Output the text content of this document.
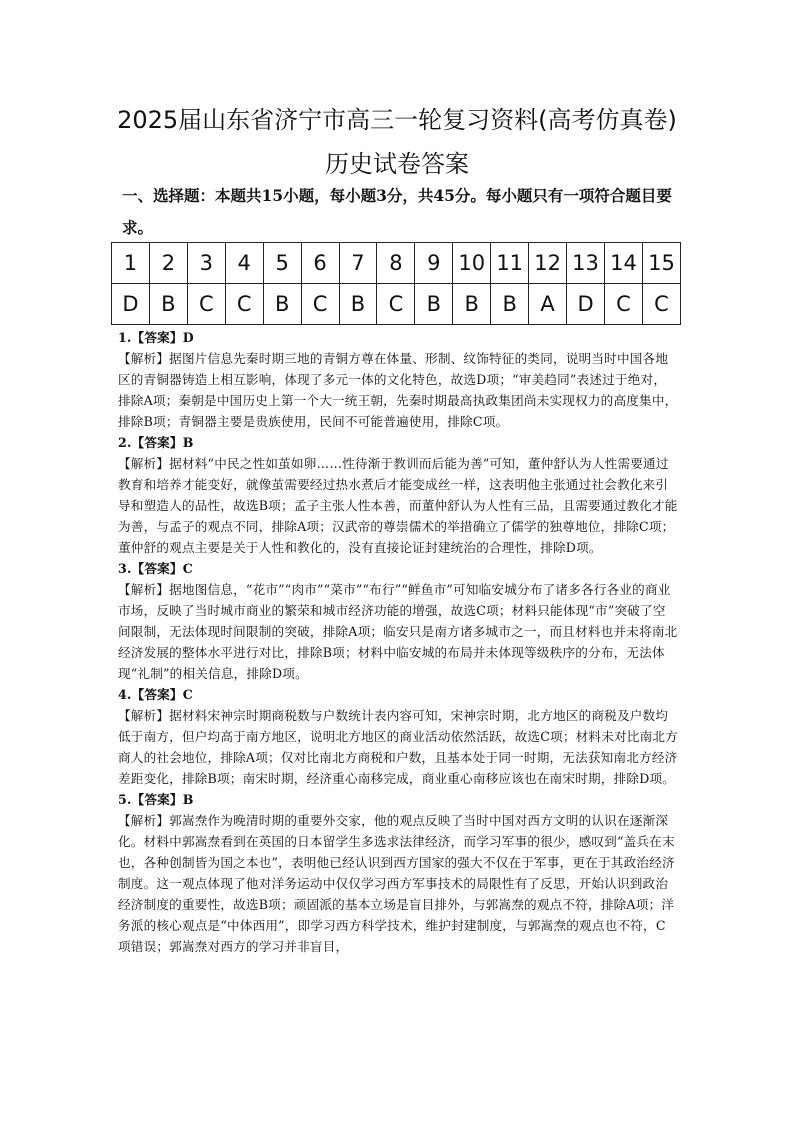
2025届山东省济宁市高三一轮复习资料(高考仿真卷)
历史试卷答案
一、选择题：本题共15小题，每小题3分，共45分。每小题只有一项符合题目要求。
1	2	3	4	5	6	7	8	9	10	11	12	13	14	15
D	B	C	C	B	C	B	C	B	B	B	A	D	C	C

1.【答案】D

【解析】据图片信息先秦时期三地的青铜方尊在体量、形制、纹饰特征的类同，说明当时中国各地区的青铜器铸造上相互影响，体现了多元一体的文化特色，故选D项；“审美趋同”表述过于绝对，排除A项；秦朝是中国历史上第一个大一统王朝，先秦时期最高执政集团尚未实现权力的高度集中，排除B项；青铜器主要是贵族使用，民间不可能普遍使用，排除C项。

2.【答案】B

【解析】据材料“中民之性如茧如卵……性待渐于教训而后能为善”可知，董仲舒认为人性需要通过教育和培养才能变好，就像茧需要经过热水煮后才能变成丝一样，这表明他主张通过社会教化来引导和塑造人的品性，故选B项；孟子主张人性本善，而董仲舒认为人性有三品，且需要通过教化才能为善，与孟子的观点不同，排除A项；汉武帝的尊崇儒术的举措确立了儒学的独尊地位，排除C项；董仲舒的观点主要是关于人性和教化的，没有直接论证封建统治的合理性，排除D项。

3.【答案】C

【解析】据地图信息，“花市”“肉市”“菜市”“布行”“鲜鱼市”可知临安城分布了诸多各行各业的商业市场，反映了当时城市商业的繁荣和城市经济功能的增强，故选C项；材料只能体现“市”突破了空间限制，无法体现时间限制的突破，排除A项；临安只是南方诸多城市之一，而且材料也并未将南北经济发展的整体水平进行对比，排除B项；材料中临安城的布局并未体现等级秩序的分布，无法体现“礼制”的相关信息，排除D项。

4.【答案】C

【解析】据材料宋神宗时期商税数与户数统计表内容可知，宋神宗时期，北方地区的商税及户数均低于南方，但户均高于南方地区，说明北方地区的商业活动依然活跃，故选C项；材料未对比南北方商人的社会地位，排除A项；仅对比南北方商税和户数，且基本处于同一时期，无法获知南北方经济差距变化，排除B项；南宋时期，经济重心南移完成，商业重心南移应该也在南宋时期，排除D项。

5.【答案】B

【解析】郭嵩焘作为晚清时期的重要外交家，他的观点反映了当时中国对西方文明的认识在逐渐深化。材料中郭嵩焘看到在英国的日本留学生多选求法律经济，而学习军事的很少，感叹到“盖兵在末也，各种创制皆为国之本也”，表明他已经认识到西方国家的强大不仅在于军事，更在于其政治经济制度。这一观点体现了他对洋务运动中仅仅学习西方军事技术的局限性有了反思，开始认识到政治经济制度的重要性，故选B项；顽固派的基本立场是盲目排外，与郭嵩焘的观点不符，排除A项；洋务派的核心观点是“中体西用”，即学习西方科学技术，维护封建制度，与郭嵩焘的观点也不符，C项错误；郭嵩焘对西方的学习并非盲目，
